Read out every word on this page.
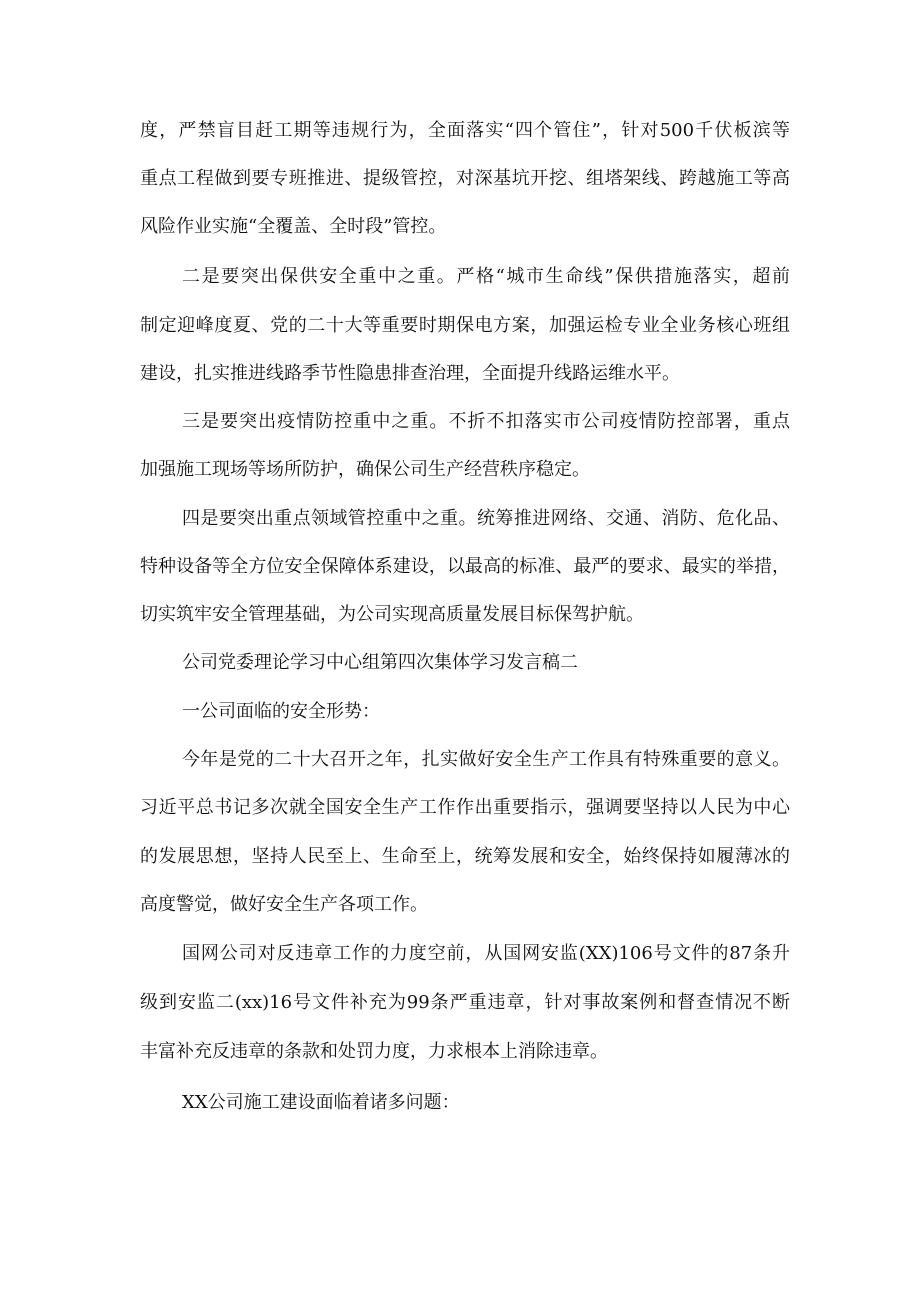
度，严禁盲目赶工期等违规行为，全面落实“四个管住”，针对500千伏板滨等
重点工程做到要专班推进、提级管控，对深基坑开挖、组塔架线、跨越施工等高
风险作业实施“全覆盖、全时段”管控。
二是要突出保供安全重中之重。严格“城市生命线”保供措施落实，超前
制定迎峰度夏、党的二十大等重要时期保电方案，加强运检专业全业务核心班组
建设，扎实推进线路季节性隐患排查治理，全面提升线路运维水平。
三是要突出疫情防控重中之重。不折不扣落实市公司疫情防控部署，重点
加强施工现场等场所防护，确保公司生产经营秩序稳定。
四是要突出重点领域管控重中之重。统筹推进网络、交通、消防、危化品、
特种设备等全方位安全保障体系建设，以最高的标准、最严的要求、最实的举措，
切实筑牢安全管理基础，为公司实现高质量发展目标保驾护航。
公司党委理论学习中心组第四次集体学习发言稿二
一公司面临的安全形势：
今年是党的二十大召开之年，扎实做好安全生产工作具有特殊重要的意义。
习近平总书记多次就全国安全生产工作作出重要指示，强调要坚持以人民为中心
的发展思想，坚持人民至上、生命至上，统筹发展和安全，始终保持如履薄冰的
高度警觉，做好安全生产各项工作。
国网公司对反违章工作的力度空前，从国网安监(XX)106号文件的87条升
级到安监二(xx)16号文件补充为99条严重违章，针对事故案例和督查情况不断
丰富补充反违章的条款和处罚力度，力求根本上消除违章。
XX公司施工建设面临着诸多问题：
